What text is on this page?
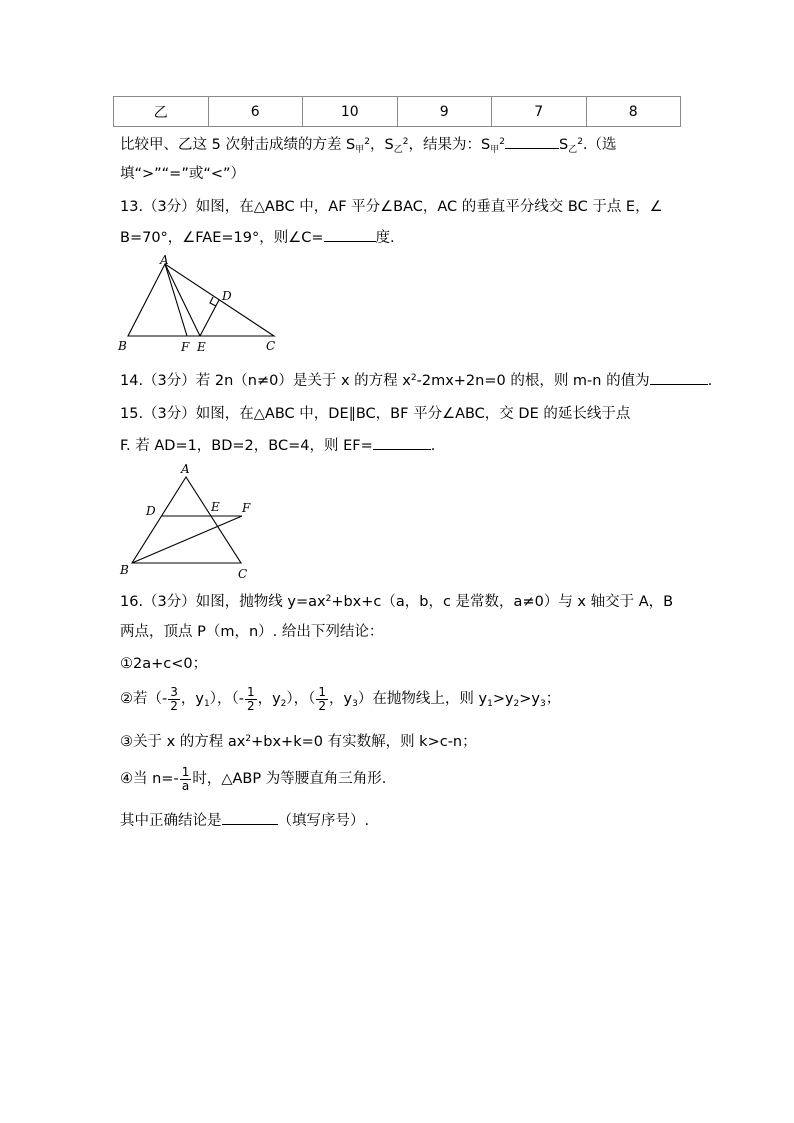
乙	6	10	9	7	8
比较甲、乙这 5 次射击成绩的方差 $S_甲^2$，$S_乙^2$，结果为：$S_甲^2$	$S_乙^2$.（选
填“>”“=”或“<”）
13.（3分）如图，在△ABC 中，AF 平分∠BAC，AC 的垂直平分线交 BC 于点 E，∠
B=70°，∠FAE=19°，则∠C=	度.
A
D
B	F E	C
14.（3分）若 2n（n≠0）是关于 x 的方程 $x^2-2mx+2n=0$ 的根，则 m-n 的值为	.
15.（3分）如图，在△ABC 中，DE∥BC，BF 平分∠ABC，交 DE 的延长线于点
F. 若 AD=1，BD=2，BC=4，则 EF=	.
A
D	E F
B	C
16.（3分）如图，抛物线 $y=ax^2+bx+c(a$，b，c 是常数，a≠0）与 x 轴交于 A，B
两点，顶点 P（m，n）. 给出下列结论：
①2a+c<0；
②若（- $\frac{3}{2}$ ，$y_1$），（- $\frac{1}{2}$ ，$y_2$），（ $\frac{1}{2}$ ，$y_3$）在抛物线上，则 $y_1>y_2>y_3$；
③关于 x 的方程 $ax^2+bx+k=0$ 有实数解，则 k>c-n；
④当 $n=- \frac{1}{a}$ 时，△ABP 为等腰直角三角形.
其中正确结论是	（填写序号）.
